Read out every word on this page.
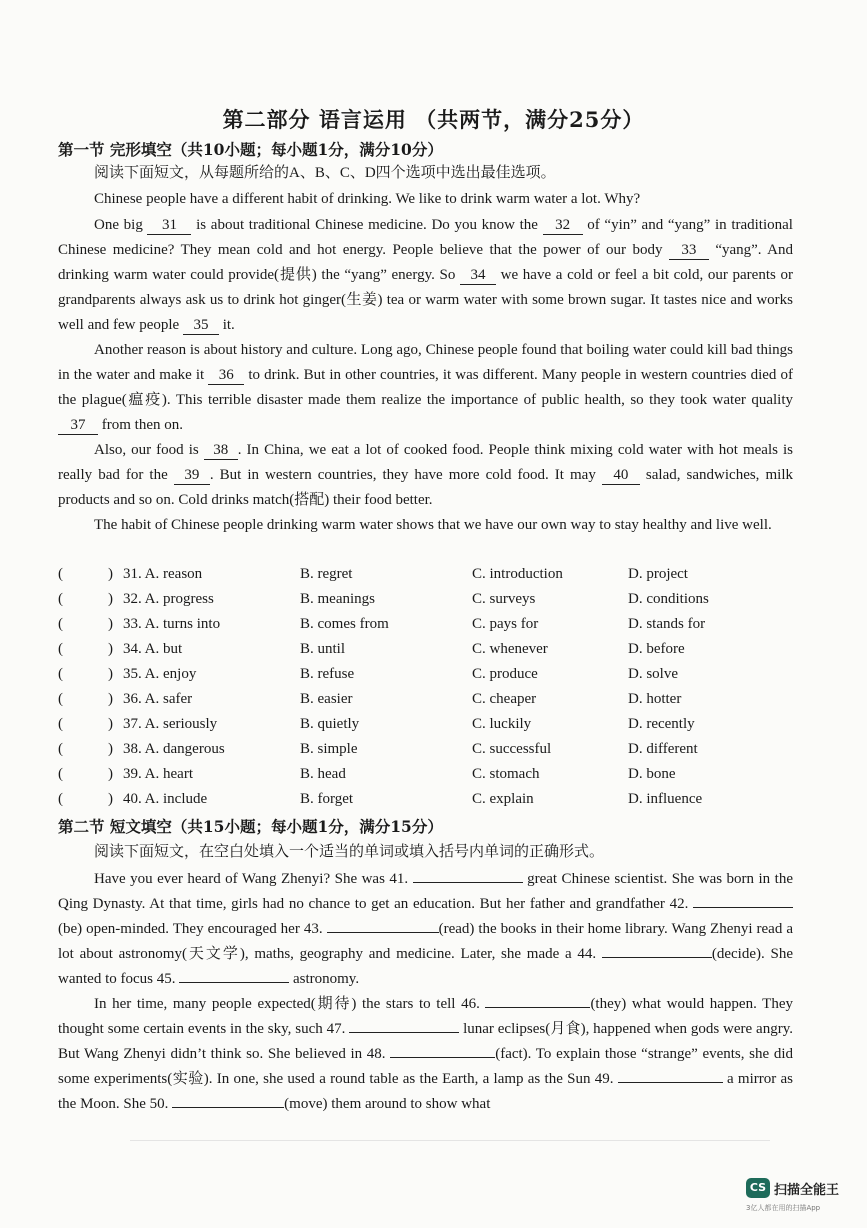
第二部分 语言运用 （共两节，满分25分）
第一节 完形填空（共10小题；每小题1分，满分10分）
阅读下面短文，从每题所给的A、B、C、D四个选项中选出最佳选项。
Chinese people have a different habit of drinking. We like to drink warm water a lot. Why?
One big 31 is about traditional Chinese medicine. Do you know the 32 of “yin” and “yang” in traditional Chinese medicine? They mean cold and hot energy. People believe that the power of our body 33 “yang”. And drinking warm water could provide(提供) the “yang” energy. So 34 we have a cold or feel a bit cold, our parents or grandparents always ask us to drink hot ginger(生姜) tea or warm water with some brown sugar. It tastes nice and works well and few people 35 it.
Another reason is about history and culture. Long ago, Chinese people found that boiling water could kill bad things in the water and make it 36 to drink. But in other countries, it was different. Many people in western countries died of the plague(瘟疫). This terrible disaster made them realize the importance of public health, so they took water quality 37 from then on.
Also, our food is 38 . In China, we eat a lot of cooked food. People think mixing cold water with hot meals is really bad for the 39 . But in western countries, they have more cold food. It may 40 salad, sandwiches, milk products and so on. Cold drinks match(搭配) their food better.
The habit of Chinese people drinking warm water shows that we have our own way to stay healthy and live well.
(	) 31. A. reason	B. regret	C. introduction	D. project
(	) 32. A. progress	B. meanings	C. surveys	D. conditions
(	) 33. A. turns into	B. comes from	C. pays for	D. stands for
(	) 34. A. but	B. until	C. whenever	D. before
(	) 35. A. enjoy	B. refuse	C. produce	D. solve
(	) 36. A. safer	B. easier	C. cheaper	D. hotter
(	) 37. A. seriously	B. quietly	C. luckily	D. recently
(	) 38. A. dangerous	B. simple	C. successful	D. different
(	) 39. A. heart	B. head	C. stomach	D. bone
(	) 40. A. include	B. forget	C. explain	D. influence
第二节 短文填空（共15小题；每小题1分，满分15分）
阅读下面短文，在空白处填入一个适当的单词或填入括号内单词的正确形式。
Have you ever heard of Wang Zhenyi? She was 41.	great Chinese scientist. She was born in the Qing Dynasty. At that time, girls had no chance to get an education. But her father and grandfather 42. (be) open-minded. They encouraged her 43.	(read) the books in their home library. Wang Zhenyi read a lot about astronomy(天文学), maths, geography and medicine. Later, she made a 44.	(decide). She wanted to focus 45.	astronomy.
In her time, many people expected(期待) the stars to tell 46.	(they) what would happen. They thought some certain events in the sky, such 47.	lunar eclipses(月食), happened when gods were angry. But Wang Zhenyi didn’t think so. She believed in 48.	(fact). To explain those “strange” events, she did some experiments(实验). In one, she used a round table as the Earth, a lamp as the Sun 49.	a mirror as the Moon. She 50.	(move) them around to show what
CS 扫描全能王
3亿人都在用的扫描App
